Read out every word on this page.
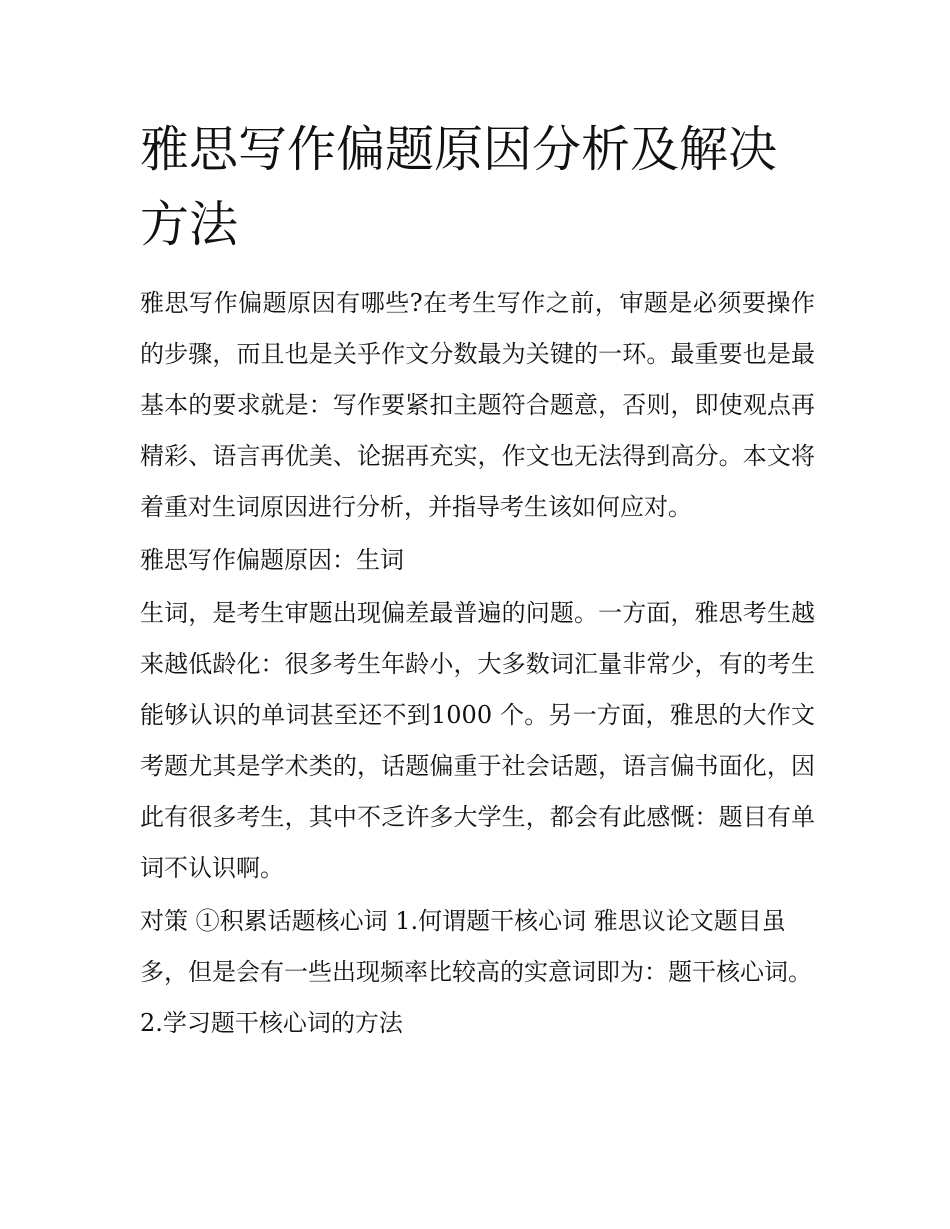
雅思写作偏题原因分析及解决方法

雅思写作偏题原因有哪些?在考生写作之前，审题是必须要操作的步骤，而且也是关乎作文分数最为关键的一环。最重要也是最基本的要求就是：写作要紧扣主题符合题意，否则，即使观点再精彩、语言再优美、论据再充实，作文也无法得到高分。本文将着重对生词原因进行分析，并指导考生该如何应对。

雅思写作偏题原因：生词

生词，是考生审题出现偏差最普遍的问题。一方面，雅思考生越来越低龄化：很多考生年龄小，大多数词汇量非常少，有的考生能够认识的单词甚至还不到1000 个。另一方面，雅思的大作文考题尤其是学术类的，话题偏重于社会话题，语言偏书面化，因此有很多考生，其中不乏许多大学生，都会有此感慨：题目有单词不认识啊。

对策 ①积累话题核心词 1.何谓题干核心词 雅思议论文题目虽多，但是会有一些出现频率比较高的实意词即为：题干核心词。 2.学习题干核心词的方法
